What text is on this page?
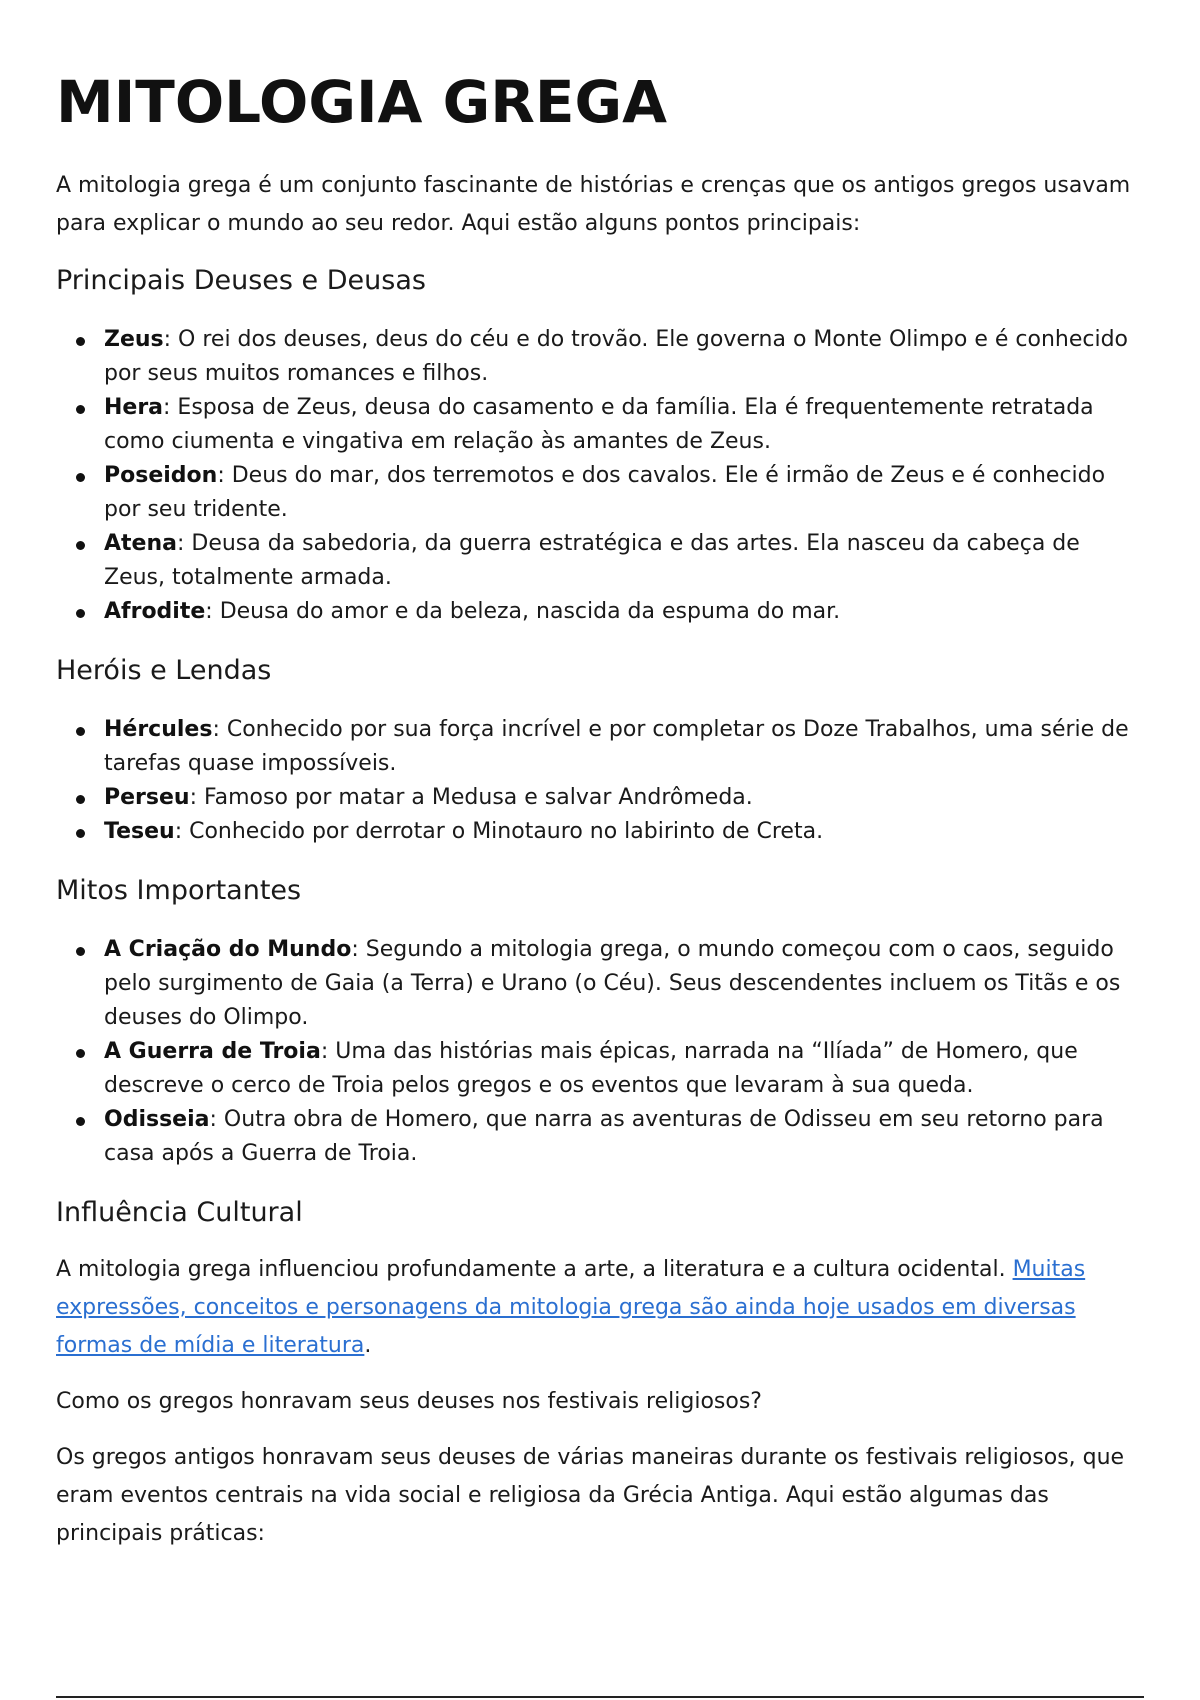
MITOLOGIA GREGA

A mitologia grega é um conjunto fascinante de histórias e crenças que os antigos gregos usavam para explicar o mundo ao seu redor. Aqui estão alguns pontos principais:

Principais Deuses e Deusas
Zeus: O rei dos deuses, deus do céu e do trovão. Ele governa o Monte Olimpo e é conhecido por seus muitos romances e filhos.
Hera: Esposa de Zeus, deusa do casamento e da família. Ela é frequentemente retratada como ciumenta e vingativa em relação às amantes de Zeus.
Poseidon: Deus do mar, dos terremotos e dos cavalos. Ele é irmão de Zeus e é conhecido por seu tridente.
Atena: Deusa da sabedoria, da guerra estratégica e das artes. Ela nasceu da cabeça de Zeus, totalmente armada.
Afrodite: Deusa do amor e da beleza, nascida da espuma do mar.
Heróis e Lendas
Hércules: Conhecido por sua força incrível e por completar os Doze Trabalhos, uma série de tarefas quase impossíveis.
Perseu: Famoso por matar a Medusa e salvar Andrômeda.
Teseu: Conhecido por derrotar o Minotauro no labirinto de Creta.
Mitos Importantes
A Criação do Mundo: Segundo a mitologia grega, o mundo começou com o caos, seguido pelo surgimento de Gaia (a Terra) e Urano (o Céu). Seus descendentes incluem os Titãs e os deuses do Olimpo.
A Guerra de Troia: Uma das histórias mais épicas, narrada na “Ilíada” de Homero, que descreve o cerco de Troia pelos gregos e os eventos que levaram à sua queda.
Odisseia: Outra obra de Homero, que narra as aventuras de Odisseu em seu retorno para casa após a Guerra de Troia.
Influência Cultural

A mitologia grega influenciou profundamente a arte, a literatura e a cultura ocidental. Muitas expressões, conceitos e personagens da mitologia grega são ainda hoje usados em diversas formas de mídia e literatura.

Como os gregos honravam seus deuses nos festivais religiosos?

Os gregos antigos honravam seus deuses de várias maneiras durante os festivais religiosos, que eram eventos centrais na vida social e religiosa da Grécia Antiga. Aqui estão algumas das principais práticas:
